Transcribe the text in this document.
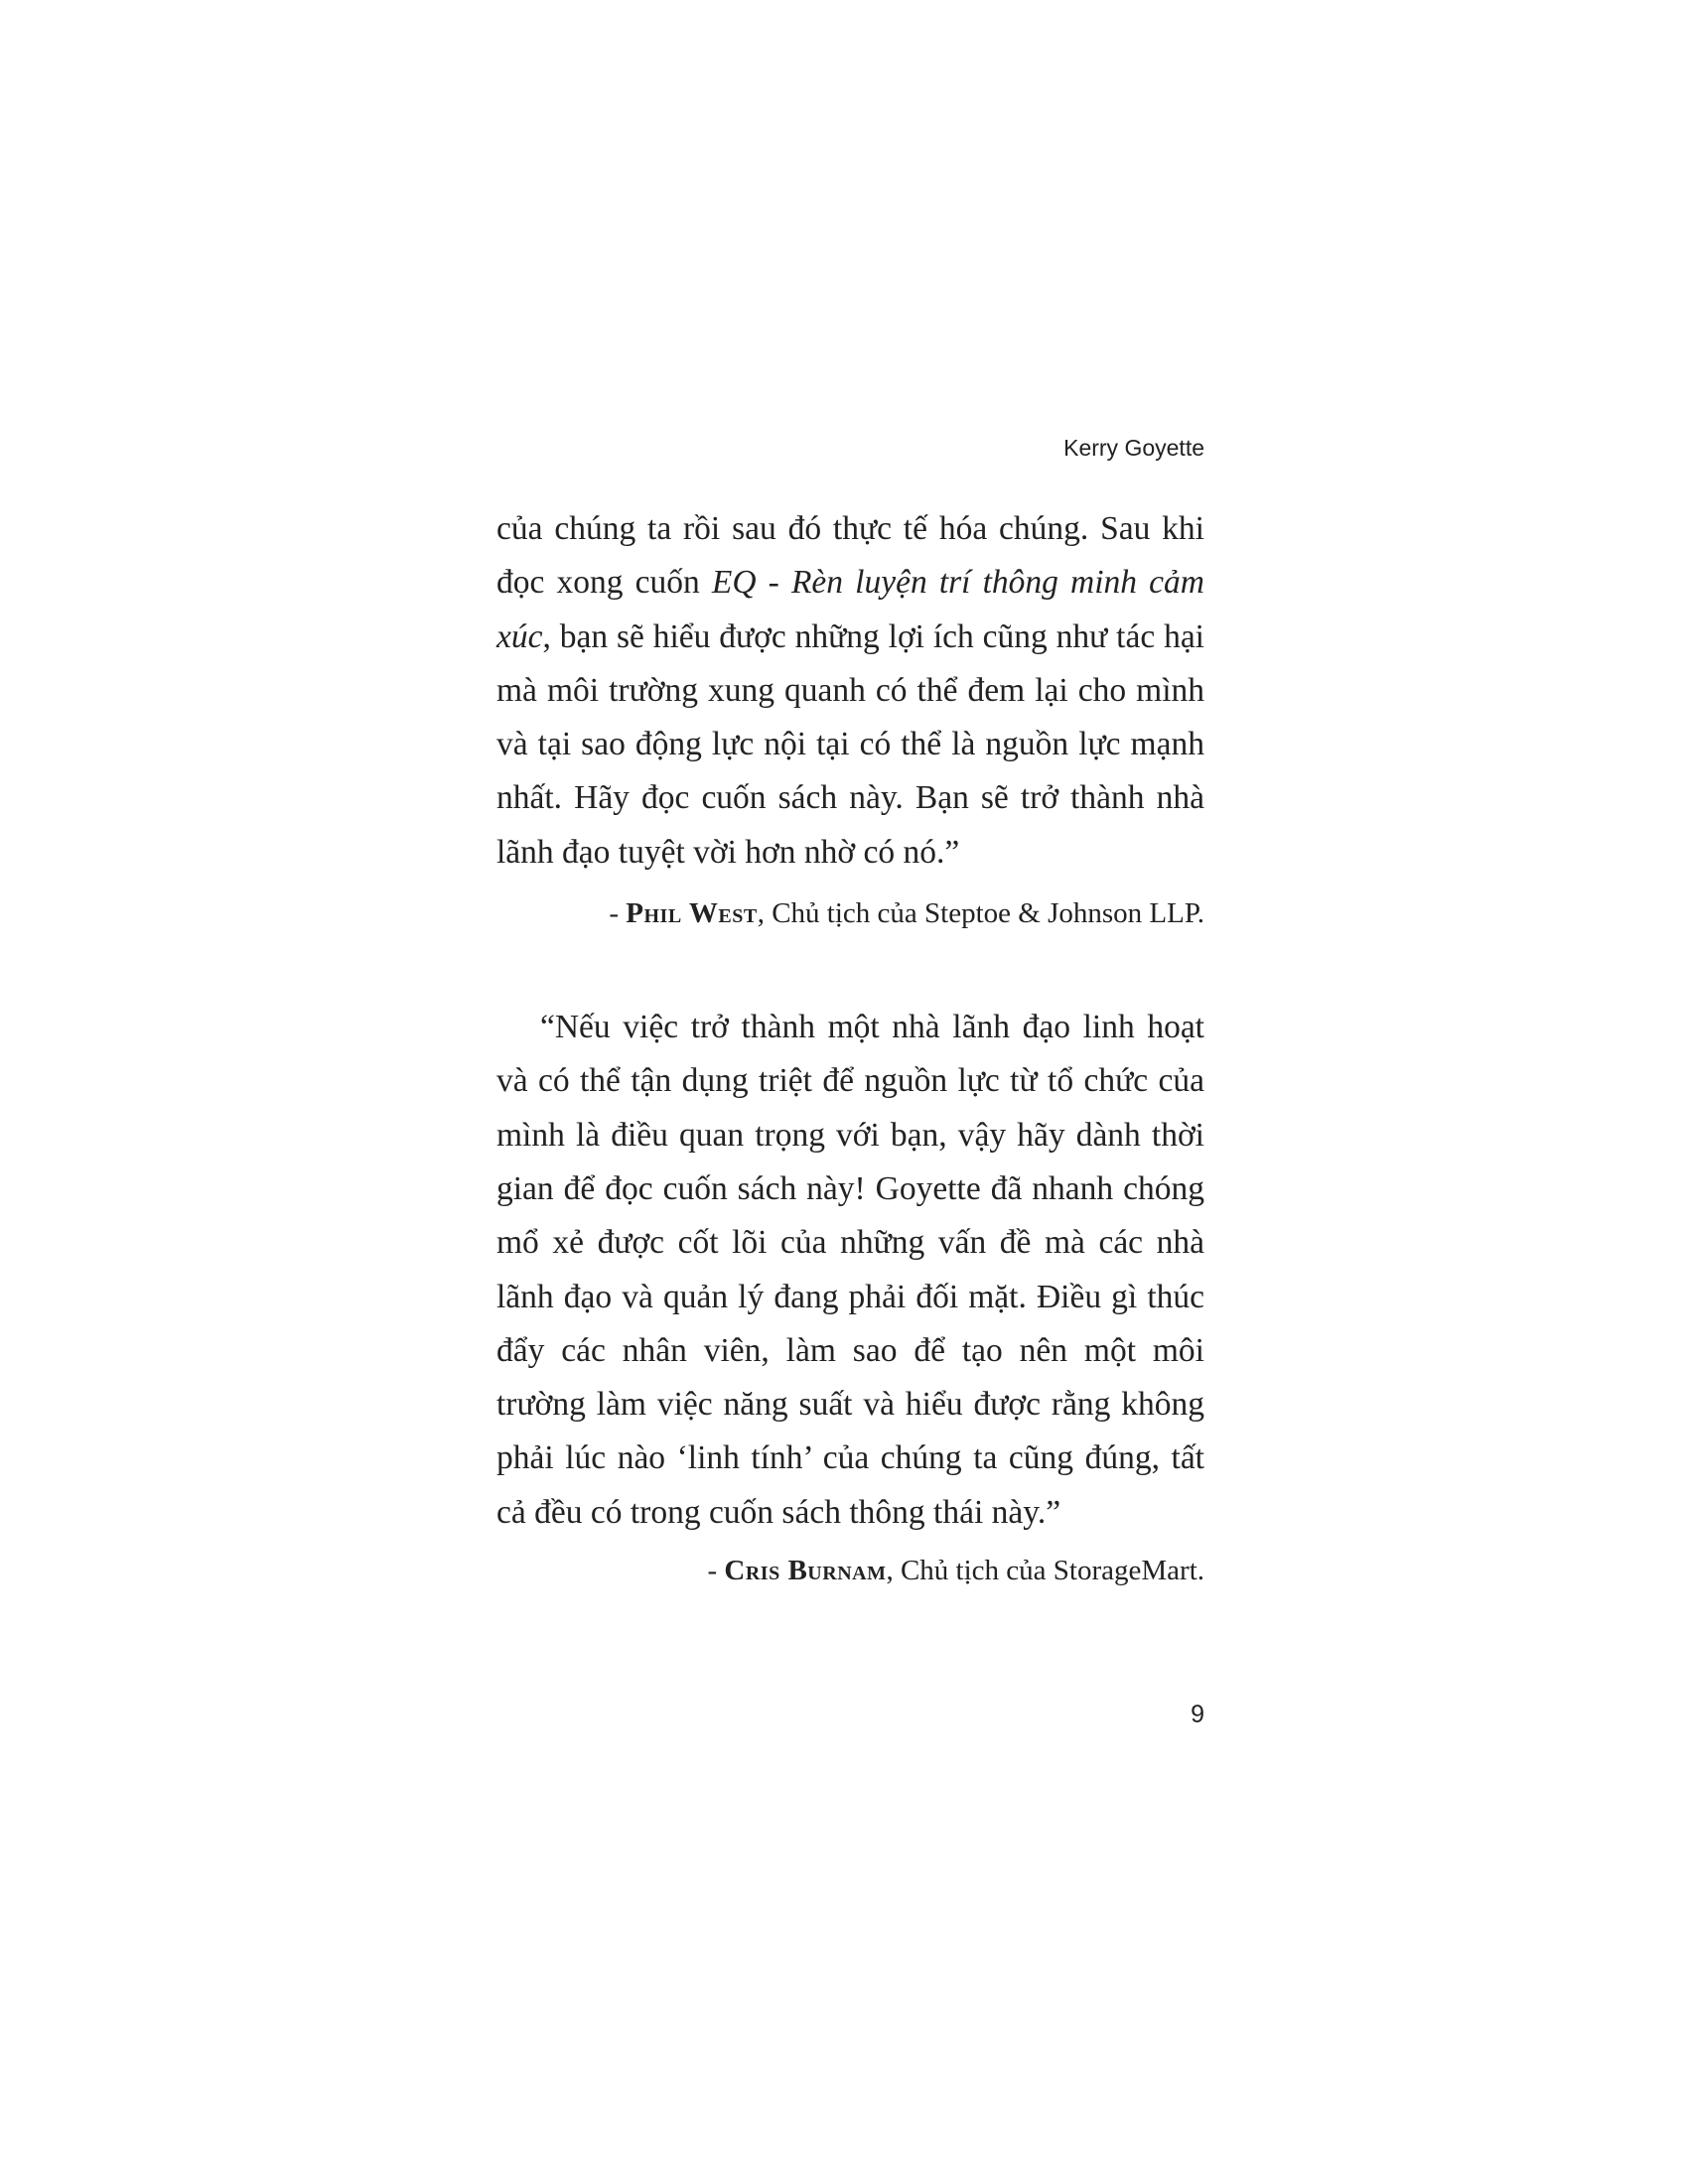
Kerry Goyette

của chúng ta rồi sau đó thực tế hóa chúng. Sau khi đọc xong cuốn EQ - Rèn luyện trí thông minh cảm xúc, bạn sẽ hiểu được những lợi ích cũng như tác hại mà môi trường xung quanh có thể đem lại cho mình và tại sao động lực nội tại có thể là nguồn lực mạnh nhất. Hãy đọc cuốn sách này. Bạn sẽ trở thành nhà lãnh đạo tuyệt vời hơn nhờ có nó.”

- Phil West, Chủ tịch của Steptoe & Johnson LLP.

“Nếu việc trở thành một nhà lãnh đạo linh hoạt và có thể tận dụng triệt để nguồn lực từ tổ chức của mình là điều quan trọng với bạn, vậy hãy dành thời gian để đọc cuốn sách này! Goyette đã nhanh chóng mổ xẻ được cốt lõi của những vấn đề mà các nhà lãnh đạo và quản lý đang phải đối mặt. Điều gì thúc đẩy các nhân viên, làm sao để tạo nên một môi trường làm việc năng suất và hiểu được rằng không phải lúc nào ‘linh tính’ của chúng ta cũng đúng, tất cả đều có trong cuốn sách thông thái này.”

- Cris Burnam, Chủ tịch của StorageMart.

9
